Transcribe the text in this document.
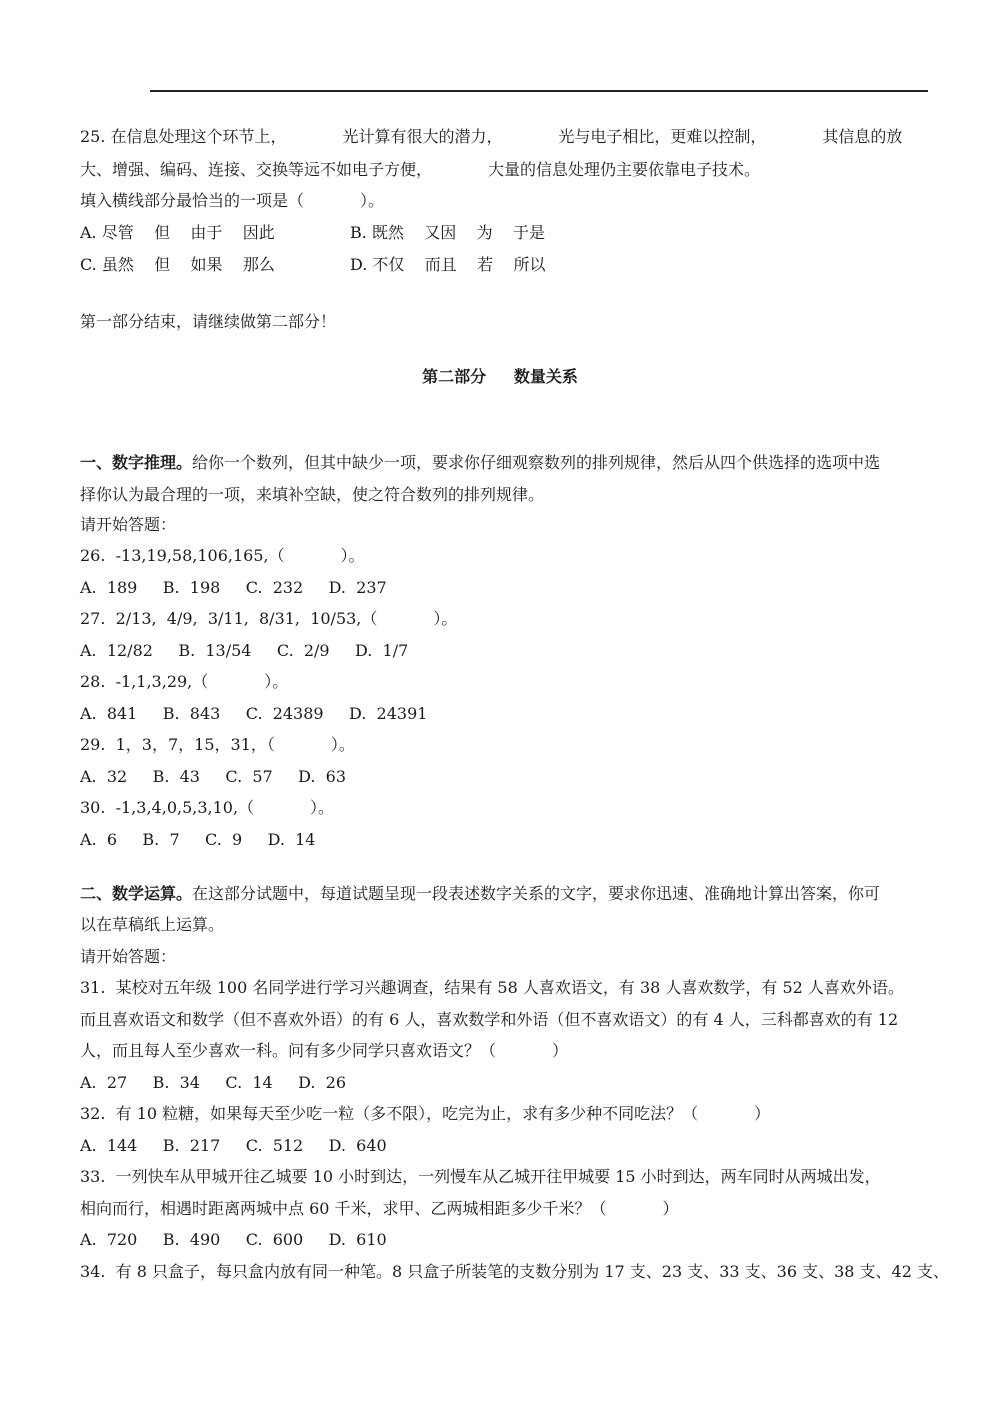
25. 在信息处理这个环节上，           光计算有很大的潜力，           光与电子相比，更难以控制，           其信息的放
大、增强、编码、连接、交换等远不如电子方便，           大量的信息处理仍主要依靠电子技术。
填入横线部分最恰当的一项是（           ）。
A. 尽管    但    由于    因此	B. 既然    又因    为    于是
C. 虽然    但    如果    那么	D. 不仅    而且    若    所以
第一部分结束，请继续做第二部分！
第二部分     数量关系
一、数字推理。给你一个数列，但其中缺少一项，要求你仔细观察数列的排列规律，然后从四个供选择的选项中选
择你认为最合理的一项，来填补空缺，使之符合数列的排列规律。
请开始答题：
26.  -13,19,58,106,165,（           ）。
A.  189     B.  198     C.  232     D.  237
27.  2/13,  4/9,  3/11,  8/31,  10/53,（           ）。
A.  12/82     B.  13/54     C.  2/9     D.  1/7
28.  -1,1,3,29,（           ）。
A.  841     B.  843     C.  24389     D.  24391
29.  1，3，7，15，31，（           ）。
A.  32     B.  43     C.  57     D.  63
30.  -1,3,4,0,5,3,10,（           ）。
A.  6     B.  7     C.  9     D.  14
二、数学运算。在这部分试题中，每道试题呈现一段表述数字关系的文字，要求你迅速、准确地计算出答案，你可
以在草稿纸上运算。
请开始答题：
31.  某校对五年级 100 名同学进行学习兴趣调查，结果有 58 人喜欢语文，有 38 人喜欢数学，有 52 人喜欢外语。
而且喜欢语文和数学（但不喜欢外语）的有 6 人，喜欢数学和外语（但不喜欢语文）的有 4 人，三科都喜欢的有 12
人，而且每人至少喜欢一科。问有多少同学只喜欢语文？（           ）
A.  27     B.  34     C.  14     D.  26
32.  有 10 粒糖，如果每天至少吃一粒（多不限），吃完为止，求有多少种不同吃法？（           ）
A.  144     B.  217     C.  512     D.  640
33.  一列快车从甲城开往乙城要 10 小时到达，一列慢车从乙城开往甲城要 15 小时到达，两车同时从两城出发，
相向而行，相遇时距离两城中点 60 千米，求甲、乙两城相距多少千米？（           ）
A.  720     B.  490     C.  600     D.  610
34.  有 8 只盒子，每只盒内放有同一种笔。8 只盒子所装笔的支数分别为 17 支、23 支、33 支、36 支、38 支、42 支、
